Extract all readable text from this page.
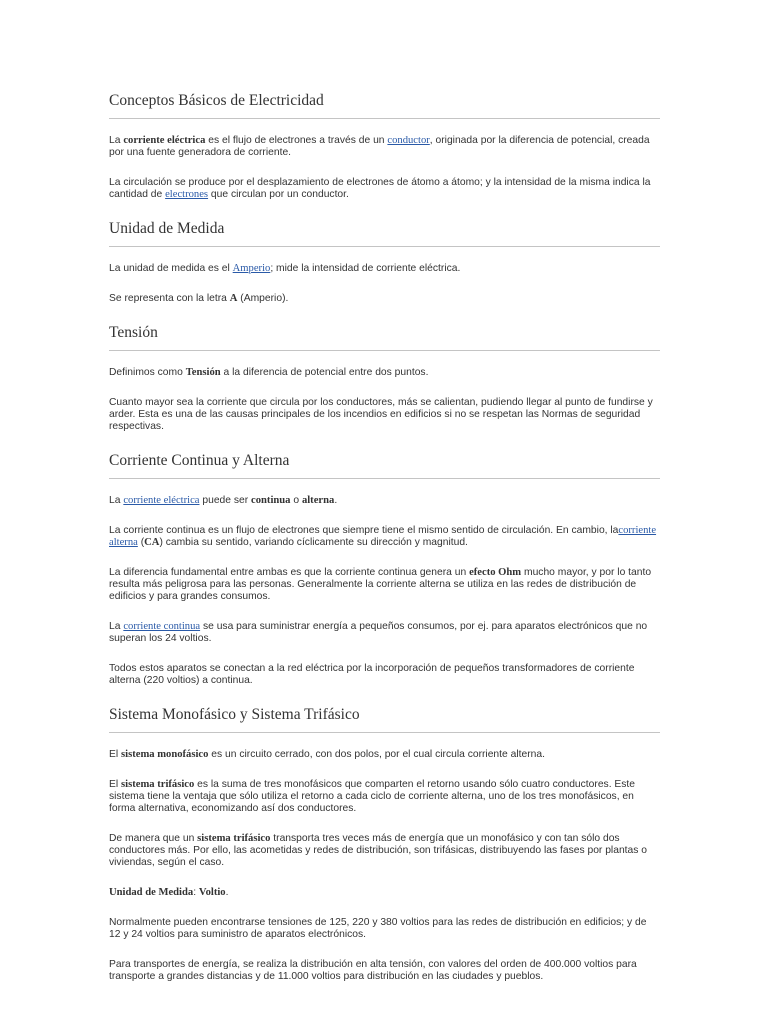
Conceptos Básicos de Electricidad
La corriente eléctrica es el flujo de electrones a través de un conductor, originada por la diferencia de potencial, creada
por una fuente generadora de corriente.
La circulación se produce por el desplazamiento de electrones de átomo a átomo; y la intensidad de la misma indica la
cantidad de electrones que circulan por un conductor.
Unidad de Medida
La unidad de medida es el Amperio; mide la intensidad de corriente eléctrica.
Se representa con la letra A (Amperio).
Tensión
Definimos como Tensión a la diferencia de potencial entre dos puntos.
Cuanto mayor sea la corriente que circula por los conductores, más se calientan, pudiendo llegar al punto de fundirse y
arder. Esta es una de las causas principales de los incendios en edificios si no se respetan las Normas de seguridad
respectivas.
Corriente Continua y Alterna
La corriente eléctrica puede ser continua o alterna.
La corriente continua es un flujo de electrones que siempre tiene el mismo sentido de circulación. En cambio, lacorriente
alterna (CA) cambia su sentido, variando cíclicamente su dirección y magnitud.
La diferencia fundamental entre ambas es que la corriente continua genera un efecto Ohm mucho mayor, y por lo tanto
resulta más peligrosa para las personas. Generalmente la corriente alterna se utiliza en las redes de distribución de
edificios y para grandes consumos.
La corriente continua se usa para suministrar energía a pequeños consumos, por ej. para aparatos electrónicos que no
superan los 24 voltios.
Todos estos aparatos se conectan a la red eléctrica por la incorporación de pequeños transformadores de corriente
alterna (220 voltios) a continua.
Sistema Monofásico y Sistema Trifásico
El sistema monofásico es un circuito cerrado, con dos polos, por el cual circula corriente alterna.
El sistema trifásico es la suma de tres monofásicos que comparten el retorno usando sólo cuatro conductores. Este
sistema tiene la ventaja que sólo utiliza el retorno a cada ciclo de corriente alterna, uno de los tres monofásicos, en
forma alternativa, economizando así dos conductores.
De manera que un sistema trifásico transporta tres veces más de energía que un monofásico y con tan sólo dos
conductores más. Por ello, las acometidas y redes de distribución, son trifásicas, distribuyendo las fases por plantas o
viviendas, según el caso.
Unidad de Medida: Voltio.
Normalmente pueden encontrarse tensiones de 125, 220 y 380 voltios para las redes de distribución en edificios; y de
12 y 24 voltios para suministro de aparatos electrónicos.
Para transportes de energía, se realiza la distribución en alta tensión, con valores del orden de 400.000 voltios para
transporte a grandes distancias y de 11.000 voltios para distribución en las ciudades y pueblos.
